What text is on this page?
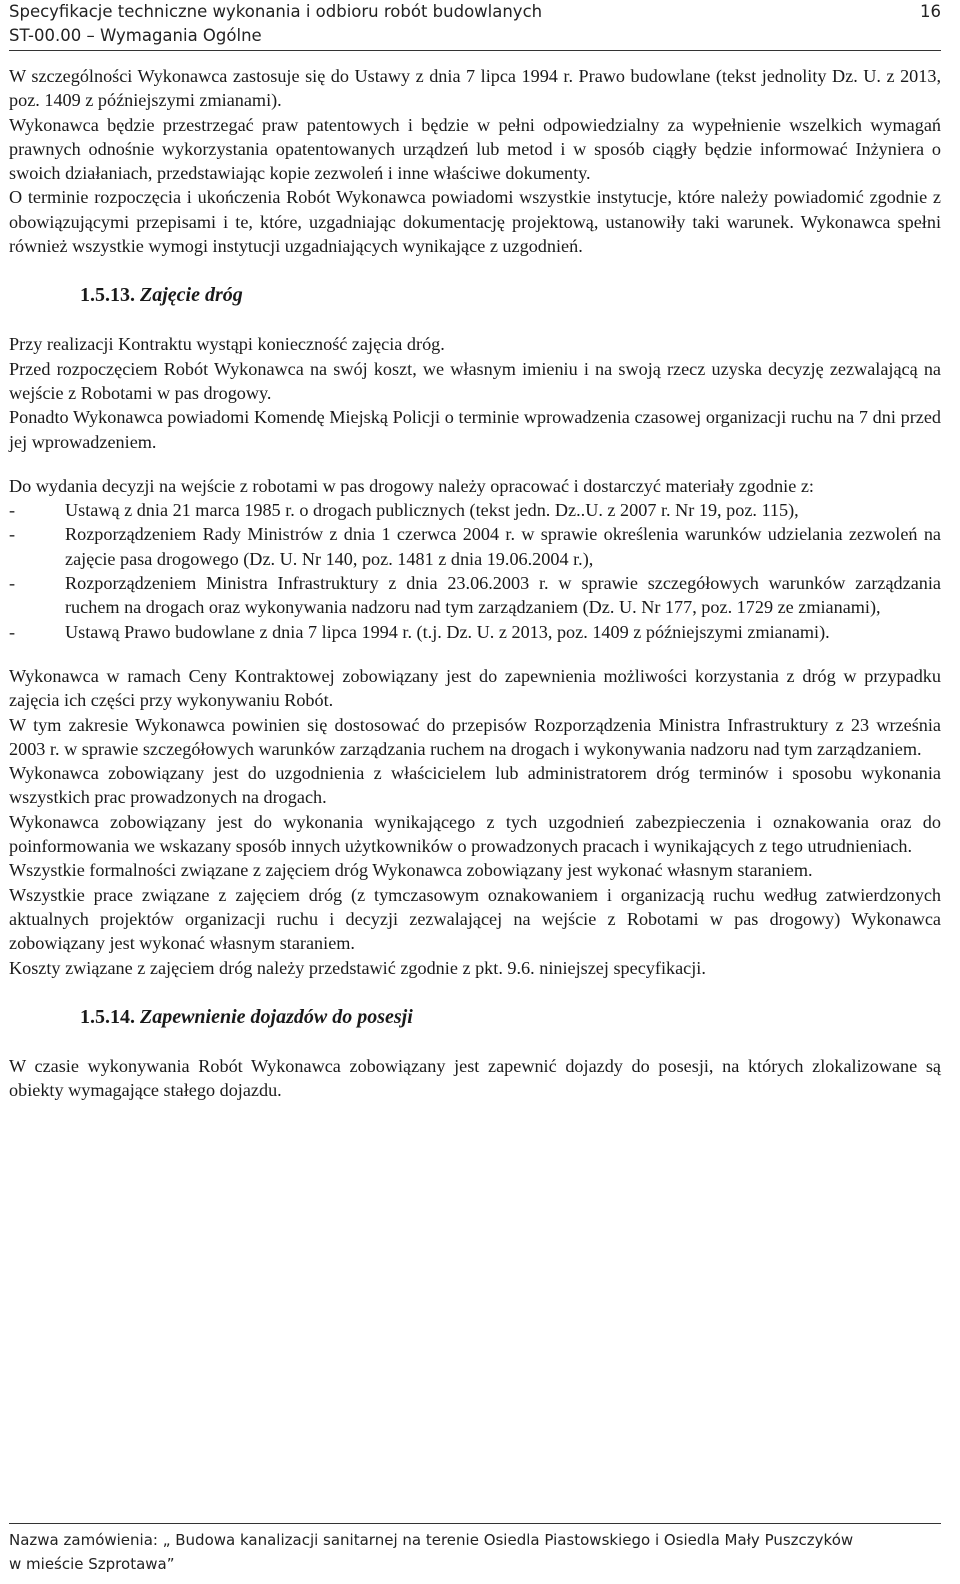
Specyfikacje techniczne wykonania i odbioru robót budowlanych
ST-00.00 – Wymagania Ogólne
16

W szczególności Wykonawca zastosuje się do Ustawy z dnia 7 lipca 1994 r. Prawo budowlane (tekst jednolity Dz. U. z 2013, poz. 1409 z późniejszymi zmianami).

Wykonawca będzie przestrzegać praw patentowych i będzie w pełni odpowiedzialny za wypełnienie wszelkich wymagań prawnych odnośnie wykorzystania opatentowanych urządzeń lub metod i w sposób ciągły będzie informować Inżyniera o swoich działaniach, przedstawiając kopie zezwoleń i inne właściwe dokumenty.

O terminie rozpoczęcia i ukończenia Robót Wykonawca powiadomi wszystkie instytucje, które należy powiadomić zgodnie z obowiązującymi przepisami i te, które, uzgadniając dokumentację projektową, ustanowiły taki warunek. Wykonawca spełni również wszystkie wymogi instytucji uzgadniających wynikające z uzgodnień.

1.5.13. Zajęcie dróg

Przy realizacji Kontraktu wystąpi konieczność zajęcia dróg.

Przed rozpoczęciem Robót Wykonawca na swój koszt, we własnym imieniu i na swoją rzecz uzyska decyzję zezwalającą na wejście z Robotami w pas drogowy.

Ponadto Wykonawca powiadomi Komendę Miejską Policji o terminie wprowadzenia czasowej organizacji ruchu na 7 dni przed jej wprowadzeniem.

Do wydania decyzji na wejście z robotami w pas drogowy należy opracować i dostarczyć materiały zgodnie z:

-	Ustawą z dnia 21 marca 1985 r. o drogach publicznych (tekst jedn. Dz..U. z 2007 r. Nr 19, poz. 115),
-	Rozporządzeniem Rady Ministrów z dnia 1 czerwca 2004 r. w sprawie określenia warunków udzielania zezwoleń na zajęcie pasa drogowego (Dz. U. Nr 140, poz. 1481 z dnia 19.06.2004 r.),
-	Rozporządzeniem Ministra Infrastruktury z dnia 23.06.2003 r. w sprawie szczegółowych warunków zarządzania ruchem na drogach oraz wykonywania nadzoru nad tym zarządzaniem (Dz. U. Nr 177, poz. 1729 ze zmianami),
-	Ustawą Prawo budowlane z dnia 7 lipca 1994 r. (t.j. Dz. U. z 2013, poz. 1409 z późniejszymi zmianami).

Wykonawca w ramach Ceny Kontraktowej zobowiązany jest do zapewnienia możliwości korzystania z dróg w przypadku zajęcia ich części przy wykonywaniu Robót.

W tym zakresie Wykonawca powinien się dostosować do przepisów Rozporządzenia Ministra Infrastruktury z 23 września 2003 r. w sprawie szczegółowych warunków zarządzania ruchem na drogach i wykonywania nadzoru nad tym zarządzaniem.

Wykonawca zobowiązany jest do uzgodnienia z właścicielem lub administratorem dróg terminów i sposobu wykonania wszystkich prac prowadzonych na drogach.

Wykonawca zobowiązany jest do wykonania wynikającego z tych uzgodnień zabezpieczenia i oznakowania oraz do poinformowania we wskazany sposób innych użytkowników o prowadzonych pracach i wynikających z tego utrudnieniach.

Wszystkie formalności związane z zajęciem dróg Wykonawca zobowiązany jest wykonać własnym staraniem.

Wszystkie prace związane z zajęciem dróg (z tymczasowym oznakowaniem i organizacją ruchu według zatwierdzonych aktualnych projektów organizacji ruchu i decyzji zezwalającej na wejście z Robotami w pas drogowy) Wykonawca zobowiązany jest wykonać własnym staraniem.

Koszty związane z zajęciem dróg należy przedstawić zgodnie z pkt. 9.6. niniejszej specyfikacji.

1.5.14. Zapewnienie dojazdów do posesji

W czasie wykonywania Robót Wykonawca zobowiązany jest zapewnić dojazdy do posesji, na których zlokalizowane są obiekty wymagające stałego dojazdu.

Nazwa zamówienia: „ Budowa kanalizacji sanitarnej na terenie Osiedla Piastowskiego i Osiedla Mały Puszczyków
w mieście Szprotawa”
